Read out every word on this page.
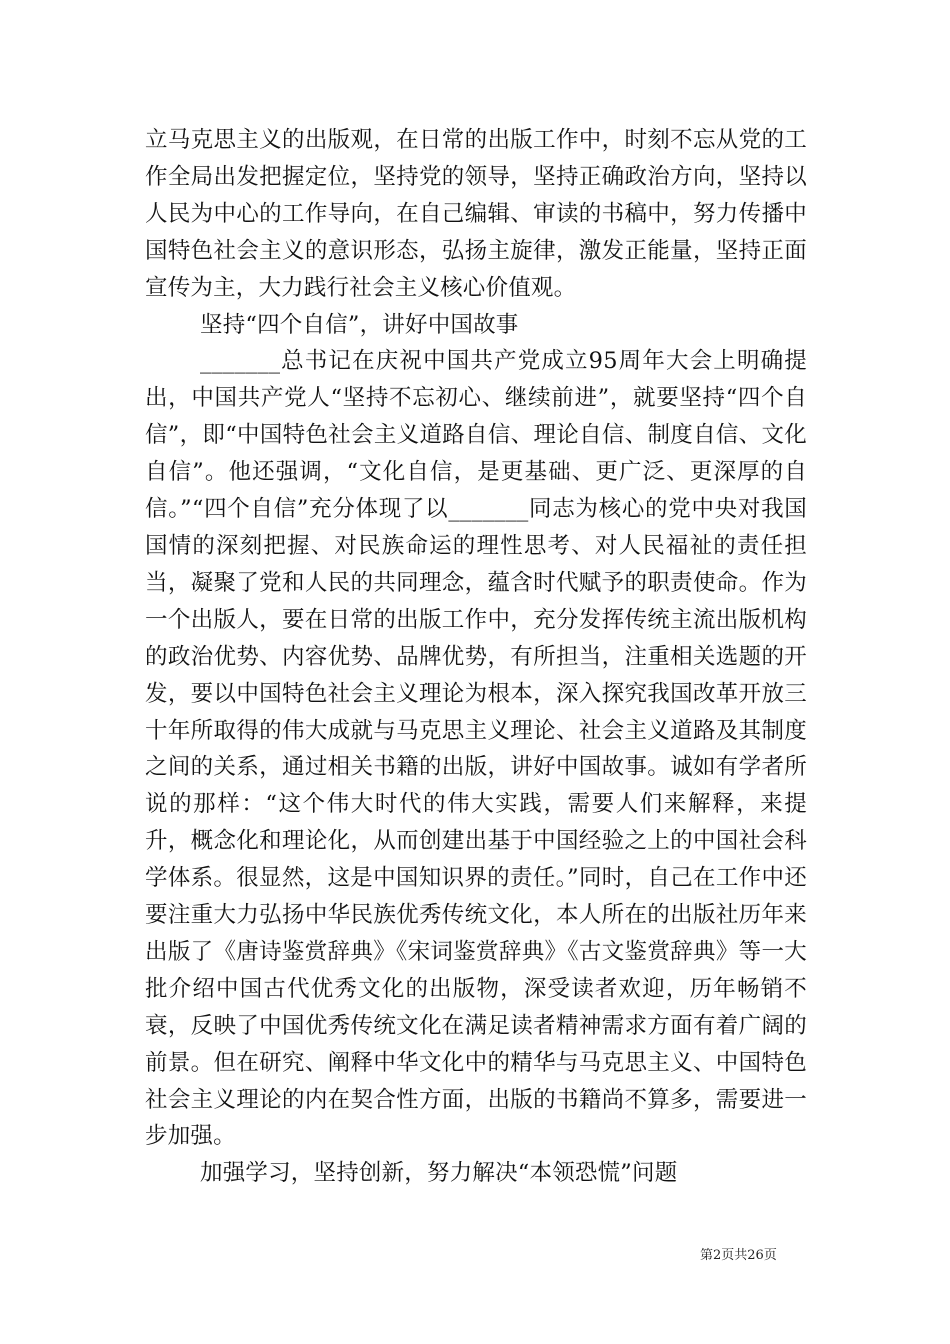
立马克思主义的出版观，在日常的出版工作中，时刻不忘从党的工作全局出发把握定位，坚持党的领导，坚持正确政治方向，坚持以人民为中心的工作导向，在自己编辑、审读的书稿中，努力传播中国特色社会主义的意识形态，弘扬主旋律，激发正能量，坚持正面宣传为主，大力践行社会主义核心价值观。

坚持“四个自信”，讲好中国故事

_______总书记在庆祝中国共产党成立95周年大会上明确提出，中国共产党人“坚持不忘初心、继续前进”，就要坚持“四个自信”，即“中国特色社会主义道路自信、理论自信、制度自信、文化自信”。他还强调，“文化自信，是更基础、更广泛、更深厚的自信。”“四个自信”充分体现了以_______同志为核心的党中央对我国国情的深刻把握、对民族命运的理性思考、对人民福祉的责任担当，凝聚了党和人民的共同理念，蕴含时代赋予的职责使命。作为一个出版人，要在日常的出版工作中，充分发挥传统主流出版机构的政治优势、内容优势、品牌优势，有所担当，注重相关选题的开发，要以中国特色社会主义理论为根本，深入探究我国改革开放三十年所取得的伟大成就与马克思主义理论、社会主义道路及其制度之间的关系，通过相关书籍的出版，讲好中国故事。诚如有学者所说的那样：“这个伟大时代的伟大实践，需要人们来解释，来提升，概念化和理论化，从而创建出基于中国经验之上的中国社会科学体系。很显然，这是中国知识界的责任。”同时，自己在工作中还要注重大力弘扬中华民族优秀传统文化，本人所在的出版社历年来出版了《唐诗鉴赏辞典》《宋词鉴赏辞典》《古文鉴赏辞典》等一大批介绍中国古代优秀文化的出版物，深受读者欢迎，历年畅销不衰，反映了中国优秀传统文化在满足读者精神需求方面有着广阔的前景。但在研究、阐释中华文化中的精华与马克思主义、中国特色社会主义理论的内在契合性方面，出版的书籍尚不算多，需要进一步加强。

加强学习，坚持创新，努力解决“本领恐慌”问题

第2页共26页
